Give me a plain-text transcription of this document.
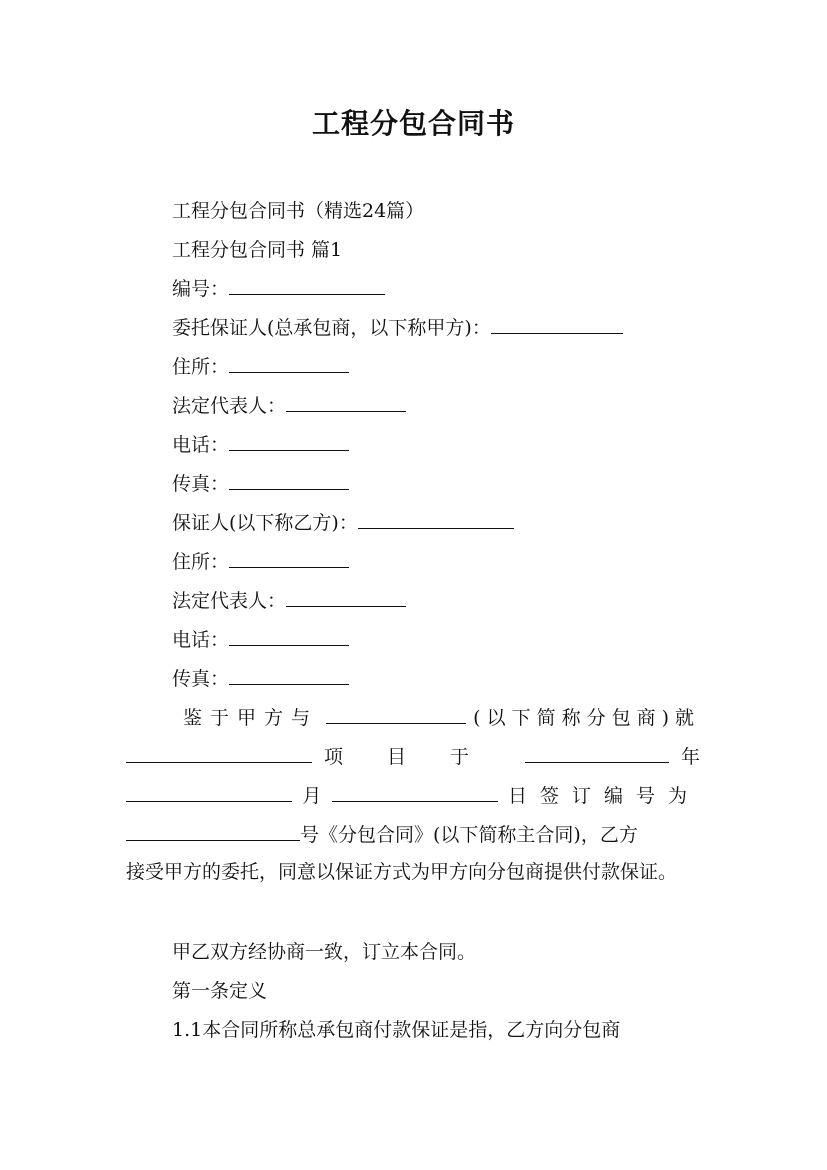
工程分包合同书

工程分包合同书（精选24篇）

工程分包合同书 篇1

编号：

委托保证人(总承包商，以下称甲方)：

住所：

法定代表人：

电话：

传真：

保证人(以下称乙方)：

住所：

法定代表人：

电话：

传真：

鉴于甲方与	(以下简称分包商)就
项目于	年
月	日签订编号为
号《分包合同》(以下简称主合同)，乙方

接受甲方的委托，同意以保证方式为甲方向分包商提供付款保证。

甲乙双方经协商一致，订立本合同。

第一条定义

1.1本合同所称总承包商付款保证是指，乙方向分包商
